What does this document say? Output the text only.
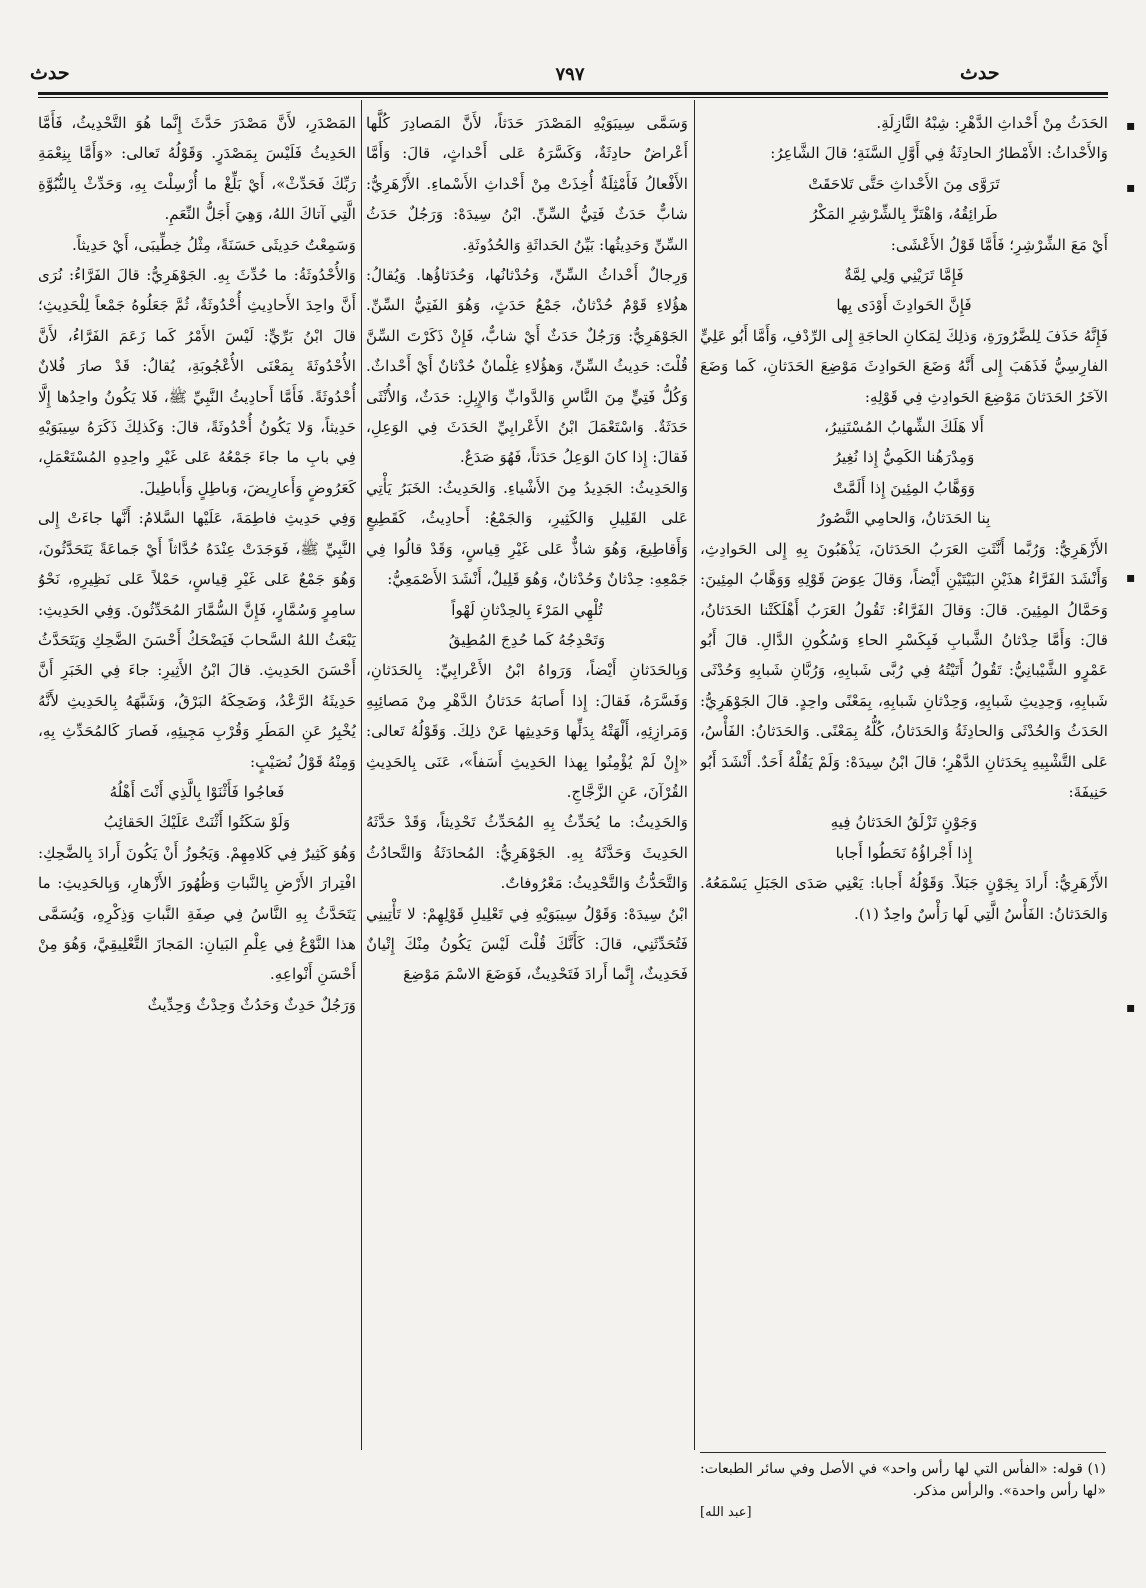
حدث
٧٩٧
حدث

الحَدَثُ مِنْ أَحْداثِ الدَّهْرِ: شِبْهُ النَّازِلَةِ.

وَالأَحْداثُ: الأَمْطارُ الحادِثَةُ فِي أَوَّلِ السَّنَةِ؛ قالَ الشَّاعِرُ:

تَرَوَّى مِنَ الأَحْداثِ حَتَّى تَلاحَقَتْ

طَرائِقُهُ، وَاهْتَزَّ بِالشِّرْشِرِ المَكْرُ

أَيْ مَعَ الشِّرْشِرِ؛ فَأَمَّا قَوْلُ الأَعْشَى:

فَإِمَّا تَرَيْنِي وَلِي لِمَّةٌ

فَإِنَّ الحَوادِثَ أَوْدَى بِها

فَإِنَّهُ حَذَفَ لِلضَّرُورَةِ، وَذلِكَ لِمَكانِ الحاجَةِ إِلى الرِّدْفِ، وَأَمَّا أَبُو عَلِيٍّ الفارِسِيُّ فَذَهَبَ إِلى أَنَّهُ وَضَعَ الحَوادِثَ مَوْضِعَ الحَدَثانِ، كَما وَضَعَ الآخَرُ الحَدَثانَ مَوْضِعَ الحَوادِثِ فِي قَوْلِهِ:

أَلا هَلَكَ الشِّهابُ المُسْتَنِيرُ،

وَمِدْرَهُنا الكَمِيُّ إِذا نُغِيرُ

وَوَهَّابُ المِئِينَ إِذا أَلَمَّتْ

بِنا الحَدَثانُ، وَالحامِي النَّصُورُ

الأَزْهَرِيُّ: وَرُبَّما أَنَّثَتِ العَرَبُ الحَدَثانَ، يَذْهَبُونَ بِهِ إِلى الحَوادِثِ، وَأَنْشَدَ الفَرَّاءُ هذَيْنِ البَيْتَيْنِ أَيْضاً، وَقالَ عِوَضَ قَوْلِهِ وَوَهَّابُ المِئِينَ: وَحَمَّالُ المِئِينَ. قالَ: وَقالَ الفَرَّاءُ: تَقُولُ العَرَبُ أَهْلَكَتْنا الحَدَثانُ، قالَ: وَأَمَّا حِدْثانُ الشَّبابِ فَبِكَسْرِ الحاءِ وَسُكُونِ الدَّالِ. قالَ أَبُو عَمْرٍو الشَّيْبانِيُّ: تَقُولُ أَتَيْتُهُ فِي رُبَّى شَبابِهِ، وَرُبَّانِ شَبابِهِ وَحُدْثَى شَبابِهِ، وَحِدِيثِ شَبابِهِ، وَحِدْثانِ شَبابِهِ، بِمَعْنًى واحِدٍ. قالَ الجَوْهَرِيُّ: الحَدَثُ وَالحُدْثَى وَالحادِثَةُ وَالحَدَثانُ، كُلُّهُ بِمَعْنًى. وَالحَدَثانُ: الفَأْسُ، عَلى التَّشْبِيهِ بِحَدَثانِ الدَّهْرِ؛ قالَ ابْنُ سِيدَهْ: وَلَمْ يَقُلْهُ أَحَدٌ. أَنْشَدَ أَبُو حَنِيفَةَ:

وَجَوْنٍ تَزْلَقُ الحَدَثانُ فِيهِ

إِذا أَجْراؤُهُ نَحَطُوا أَجابا

الأَزْهَرِيُّ: أَرادَ بِجَوْنٍ جَبَلاً. وَقَوْلُهُ أَجابا: يَعْنِي صَدَى الجَبَلِ يَسْمَعُهُ. وَالحَدَثانُ: الفَأْسُ الَّتِي لَها رَأْسٌ واحِدٌ (١).

وَسَمَّى سِيبَوَيْهِ المَصْدَرَ حَدَثاً، لأَنَّ المَصادِرَ كُلَّها أَعْراضٌ حادِثَةٌ، وَكَسَّرَهُ عَلى أَحْداثٍ، قالَ: وَأَمَّا الأَفْعالُ فَأَمْثِلَةٌ أُخِذَتْ مِنْ أَحْداثِ الأَسْماءِ. الأَزْهَرِيُّ: شابٌّ حَدَثٌ فَتِيُّ السِّنِّ. ابْنُ سِيدَهْ: وَرَجُلٌ حَدَثُ السِّنِّ وَحَدِيثُها: بَيِّنُ الحَداثَةِ وَالحُدُوثَةِ.

وَرِجالٌ أَحْداثُ السِّنِّ، وَحُدْثانُها، وَحُدَثاؤُها. وَيُقالُ: هؤُلاءِ قَوْمٌ حُدْثانٌ، جَمْعُ حَدَثٍ، وَهُوَ الفَتِيُّ السِّنِّ. الجَوْهَرِيُّ: وَرَجُلٌ حَدَثٌ أَيْ شابٌّ، فَإِنْ ذَكَرْتَ السِّنَّ قُلْتَ: حَدِيثُ السِّنِّ، وَهؤُلاءِ غِلْمانٌ حُدْثانٌ أَيْ أَحْداثٌ. وَكُلُّ فَتِيٍّ مِنَ النَّاسِ وَالدَّوابِّ وَالإِبِلِ: حَدَثٌ، وَالأُنْثَى حَدَثَةٌ. وَاسْتَعْمَلَ ابْنُ الأَعْرابِيِّ الحَدَثَ فِي الوَعِلِ، فَقالَ: إِذا كانَ الوَعِلُ حَدَثاً، فَهُوَ صَدَعٌ.

وَالحَدِيثُ: الجَدِيدُ مِنَ الأَشْياءِ. وَالحَدِيثُ: الخَبَرُ يَأْتِي عَلى القَلِيلِ وَالكَثِيرِ، وَالجَمْعُ: أَحادِيثُ، كَقَطِيعٍ وَأَقاطِيعَ، وَهُوَ شاذٌّ عَلى غَيْرِ قِياسٍ، وَقَدْ قالُوا فِي جَمْعِهِ: حِدْثانٌ وَحُدْثانٌ، وَهُوَ قَلِيلٌ، أَنْشَدَ الأَصْمَعِيُّ:

تُلْهِي المَرْءَ بِالحِدْثانِ لَهْواً

وَتَحْدِجُهُ كَما حُدِجَ المُطِيقُ

وَبِالحَدَثانِ أَيْضاً، وَرَواهُ ابْنُ الأَعْرابِيِّ: بِالحَدَثانِ، وَفَسَّرَهُ، فَقالَ: إِذا أَصابَهُ حَدَثانُ الدَّهْرِ مِنْ مَصائِبِهِ وَمَرازِئِهِ، أَلْهَتْهُ بِدَلِّها وَحَدِيثِها عَنْ ذلِكَ. وَقَوْلُهُ تَعالى: «إِنْ لَمْ يُؤْمِنُوا بِهذا الحَدِيثِ أَسَفاً»، عَنَى بِالحَدِيثِ القُرْآنَ، عَنِ الزَّجَّاجِ.

وَالحَدِيثُ: ما يُحَدِّثُ بِهِ المُحَدِّثُ تَحْدِيثاً، وَقَدْ حَدَّثَهُ الحَدِيثَ وَحَدَّثَهُ بِهِ. الجَوْهَرِيُّ: المُحادَثَةُ وَالتَّحادُثُ وَالتَّحَدُّثُ وَالتَّحْدِيثُ: مَعْرُوفاتٌ.

ابْنُ سِيدَهْ: وَقَوْلُ سِيبَوَيْهِ فِي تَعْلِيلِ قَوْلِهِمْ: لا تَأْتِينِي فَتُحَدِّثَنِي، قالَ: كَأَنَّكَ قُلْتَ لَيْسَ يَكُونُ مِنْكَ إِتْيانٌ فَحَدِيثٌ، إِنَّما أَرادَ فَتَحْدِيثٌ، فَوَضَعَ الاسْمَ مَوْضِعَ

المَصْدَرِ، لأَنَّ مَصْدَرَ حَدَّثَ إِنَّما هُوَ التَّحْدِيثُ، فَأَمَّا الحَدِيثُ فَلَيْسَ بِمَصْدَرٍ. وَقَوْلُهُ تَعالى: «وَأَمَّا بِنِعْمَةِ رَبِّكَ فَحَدِّثْ»، أَيْ بَلِّغْ ما أُرْسِلْتَ بِهِ، وَحَدِّثْ بِالنُّبُوَّةِ الَّتِي آتاكَ اللهُ، وَهِيَ أَجَلُّ النِّعَمِ.

وَسَمِعْتُ حَدِيثَى حَسَنَةً، مِثْلُ خِطِّيبَى، أَيْ حَدِيثاً.

وَالأُحْدُوثَةُ: ما حُدِّثَ بِهِ. الجَوْهَرِيُّ: قالَ الفَرَّاءُ: نُرَى أَنَّ واحِدَ الأَحادِيثِ أُحْدُوثَةٌ، ثُمَّ جَعَلُوهُ جَمْعاً لِلْحَدِيثِ؛ قالَ ابْنُ بَرِّيٍّ: لَيْسَ الأَمْرُ كَما زَعَمَ الفَرَّاءُ، لأَنَّ الأُحْدُوثَةَ بِمَعْنَى الأُعْجُوبَةِ، يُقالُ: قَدْ صارَ فُلانٌ أُحْدُوثَةً. فَأَمَّا أَحادِيثُ النَّبِيِّ ﷺ، فَلا يَكُونُ واحِدُها إِلَّا حَدِيثاً، وَلا يَكُونُ أُحْدُوثَةً، قالَ: وَكَذلِكَ ذَكَرَهُ سِيبَوَيْهِ فِي بابِ ما جاءَ جَمْعُهُ عَلى غَيْرِ واحِدِهِ المُسْتَعْمَلِ، كَعَرُوضٍ وَأَعارِيضَ، وَباطِلٍ وَأَباطِيلَ.

وَفِي حَدِيثِ فاطِمَةَ، عَلَيْها السَّلامُ: أَنَّها جاءَتْ إِلى النَّبِيِّ ﷺ، فَوَجَدَتْ عِنْدَهُ حُدَّاثاً أَيْ جَماعَةً يَتَحَدَّثُونَ، وَهُوَ جَمْعٌ عَلى غَيْرِ قِياسٍ، حَمْلاً عَلى نَظِيرِهِ، نَحْوُ سامِرٍ وَسُمَّارٍ، فَإِنَّ السُّمَّارَ المُحَدِّثُونَ. وَفِي الحَدِيثِ: يَبْعَثُ اللهُ السَّحابَ فَيَضْحَكُ أَحْسَنَ الضَّحِكِ وَيَتَحَدَّثُ أَحْسَنَ الحَدِيثِ. قالَ ابْنُ الأَثِيرِ: جاءَ فِي الخَبَرِ أَنَّ حَدِيثَهُ الرَّعْدُ، وَضَحِكَهُ البَرْقُ، وَشَبَّهَهُ بِالحَدِيثِ لأَنَّهُ يُخْبِرُ عَنِ المَطَرِ وَقُرْبِ مَجِيئِهِ، فَصارَ كَالمُحَدِّثِ بِهِ، وَمِنْهُ قَوْلُ نُصَيْبٍ:

فَعاجُوا فَأَثْنَوْا بِالَّذِي أَنْتَ أَهْلُهُ

وَلَوْ سَكَتُوا أَثْنَتْ عَلَيْكَ الحَقائِبُ

وَهُوَ كَثِيرٌ فِي كَلامِهِمْ. وَيَجُوزُ أَنْ يَكُونَ أَرادَ بِالضَّحِكِ: افْتِرارَ الأَرْضِ بِالنَّباتِ وَظُهُورَ الأَزْهارِ، وَبِالحَدِيثِ: ما يَتَحَدَّثُ بِهِ النَّاسُ فِي صِفَةِ النَّباتِ وَذِكْرِهِ، وَيُسَمَّى هذا النَّوْعُ فِي عِلْمِ البَيانِ: المَجازَ التَّعْلِيقِيَّ، وَهُوَ مِنْ أَحْسَنِ أَنْواعِهِ.

وَرَجُلٌ حَدِثٌ وَحَدُثٌ وَحِدْثٌ وَحِدِّيثٌ

(١) قوله: «الفأس التي لها رأس واحد» في الأصل وفي سائر الطبعات: «لها رأس واحدة». والرأس مذكر.
[عبد الله]
▪
▪
▪
▪
